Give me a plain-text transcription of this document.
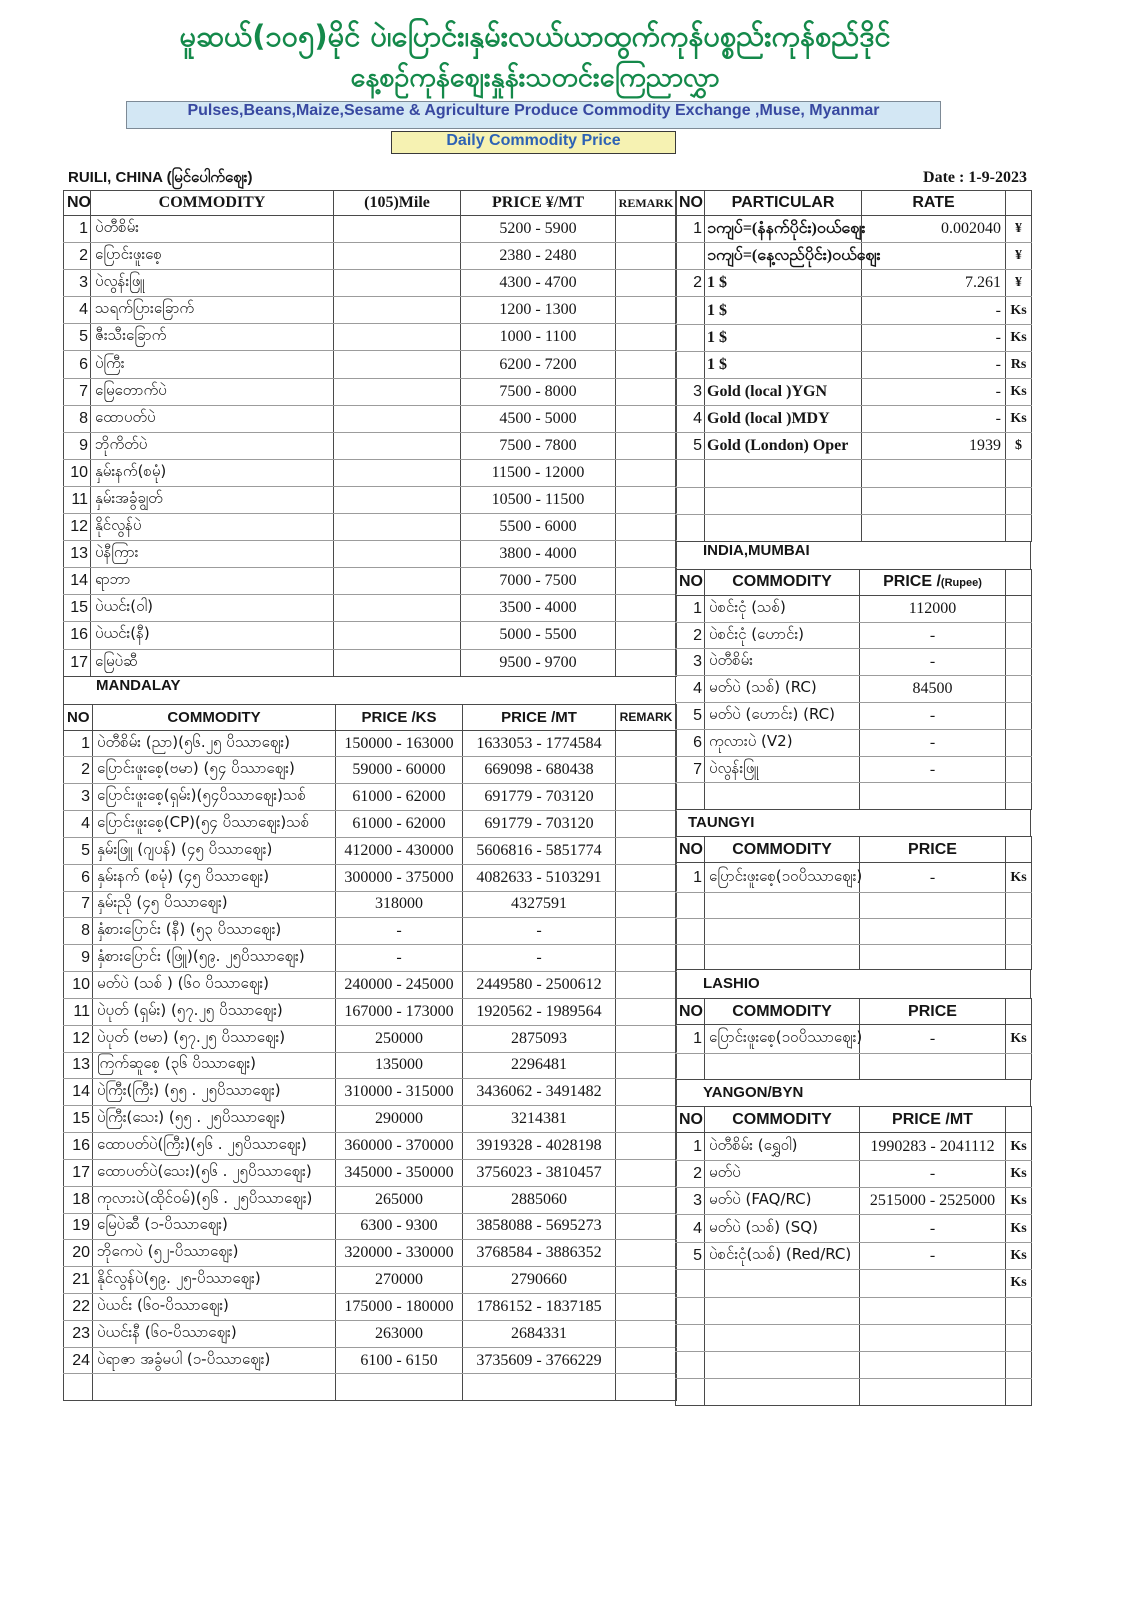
မူဆယ်(၁၀၅)မိုင် ပဲ၊ပြောင်း၊နှမ်းလယ်ယာထွက်ကုန်ပစ္စည်းကုန်စည်ဒိုင်
နေ့စဉ်ကုန်စျေးနှုန်းသတင်းကြေညာလွှာ
Pulses,Beans,Maize,Sesame & Agriculture Produce Commodity Exchange ,Muse, Myanmar
Daily Commodity Price
RUILI, CHINA (မြင်ပေါက်ဈေး)	Date : 1-9-2023
NO	COMMODITY	(105)Mile	PRICE ¥/MT	REMARK
1	ပဲတီစိမ်း		5200 - 5900	
2	ပြောင်းဖူးစေ့		2380 - 2480	
3	ပဲလွန်းဖြူ		4300 - 4700	
4	သရက်ပြားခြောက်		1200 - 1300	
5	ဇီးသီးခြောက်		1000 - 1100	
6	ပဲကြီး		6200 - 7200	
7	မြေတောက်ပဲ		7500 - 8000	
8	ထောပတ်ပဲ		4500 - 5000	
9	ဘိုကိတ်ပဲ		7500 - 7800	
10	နှမ်းနက်(စမုံ)		11500 - 12000	
11	နှမ်းအခွံချွတ်		10500 - 11500	
12	နိုင်လွန်ပဲ		5500 - 6000	
13	ပဲနီကြား		3800 - 4000	
14	ရာဘာ		7000 - 7500	
15	ပဲယင်း(ဝါ)		3500 - 4000	
16	ပဲယင်း(နီ)		5000 - 5500	
17	မြေပဲဆီ		9500 - 9700	
MANDALAY
NO	COMMODITY	PRICE /KS	PRICE /MT	REMARK
1	ပဲတီစိမ်း (ညာ)(၅၆.၂၅ ပိဿာဈေး)	150000 - 163000	1633053 - 1774584	
2	ပြောင်းဖူးစေ့(ဗမာ) (၅၄ ပိဿာဈေး)	59000 - 60000	669098 - 680438	
3	ပြောင်းဖူးစေ့(ရှမ်း)(၅၄ပိဿာဈေး)သစ်	61000 - 62000	691779 - 703120	
4	ပြောင်းဖူးစေ့(CP)(၅၄ ပိဿာဈေး)သစ်	61000 - 62000	691779 - 703120	
5	နှမ်းဖြူ (ဂျပန်) (၄၅ ပိဿာဈေး)	412000 - 430000	5606816 - 5851774	
6	နှမ်းနက် (စမုံ) (၄၅ ပိဿာဈေး)	300000 - 375000	4082633 - 5103291	
7	နှမ်းညို (၄၅ ပိဿာဈေး)	318000	4327591	
8	နှံစားပြောင်း (နီ) (၅၃ ပိဿာဈေး)	-	-	
9	နှံစားပြောင်း (ဖြူ)(၅၉. ၂၅ပိဿာဈေး)	-	-	
10	မတ်ပဲ (သစ် ) (၆၀ ပိဿာဈေး)	240000 - 245000	2449580 - 2500612	
11	ပဲပုတ် (ရှမ်း) (၅၇.၂၅ ပိဿာဈေး)	167000 - 173000	1920562 - 1989564	
12	ပဲပုတ် (ဗမာ) (၅၇.၂၅ ပိဿာဈေး)	250000	2875093	
13	ကြက်ဆူစေ့ (၃၆ ပိဿာဈေး)	135000	2296481	
14	ပဲကြီး(ကြီး) (၅၅ . ၂၅ပိဿာဈေး)	310000 - 315000	3436062 - 3491482	
15	ပဲကြီး(သေး) (၅၅ . ၂၅ပိဿာဈေး)	290000	3214381	
16	ထောပတ်ပဲ(ကြီး)(၅၆ . ၂၅ပိဿာဈေး)	360000 - 370000	3919328 - 4028198	
17	ထောပတ်ပဲ(သေး)(၅၆ . ၂၅ပိဿာဈေး)	345000 - 350000	3756023 - 3810457	
18	ကုလားပဲ(ထိုင်ဝမ်)(၅၆ . ၂၅ပိဿာဈေး)	265000	2885060	
19	မြေပဲဆီ (၁-ပိဿာဈေး)	6300 - 9300	3858088 - 5695273	
20	ဘိုကေပဲ (၅၂-ပိဿာဈေး)	320000 - 330000	3768584 - 3886352	
21	နိုင်လွန်ပဲ(၅၉. ၂၅-ပိဿာဈေး)	270000	2790660	
22	ပဲယင်း (၆၀-ပိဿာဈေး)	175000 - 180000	1786152 - 1837185	
23	ပဲယင်းနီ (၆၀-ပိဿာဈေး)	263000	2684331	
24	ပဲရာဇာ အခွံမပါ (၁-ပိဿာဈေး)	6100 - 6150	3735609 - 3766229	

NO	PARTICULAR	RATE	
1	၁ကျပ်=(နံနက်ပိုင်း)ဝယ်ဈေး	0.002040	¥
	၁ကျပ်=(နေ့လည်ပိုင်း)ဝယ်ဈေး		¥
2	1 $	7.261	¥
	1 $	-	Ks
	1 $	-	Ks
	1 $	-	Rs
3	Gold (local )YGN	-	Ks
4	Gold (local )MDY	-	Ks
5	Gold (London) Oper	1939	$

INDIA,MUMBAI
NO	COMMODITY	PRICE /(Rupee)	
1	ပဲစင်းငုံ (သစ်)	112000	
2	ပဲစင်းငုံ (ဟောင်း)	-	
3	ပဲတီစိမ်း	-	
4	မတ်ပဲ (သစ်) (RC)	84500	
5	မတ်ပဲ (ဟောင်း) (RC)	-	
6	ကုလားပဲ (V2)	-	
7	ပဲလွန်းဖြူ	-	

TAUNGYI
NO	COMMODITY	PRICE	
1	ပြောင်းဖူးစေ့(၁၀ပိဿာဈေး)	-	Ks

LASHIO
NO	COMMODITY	PRICE	
1	ပြောင်းဖူးစေ့(၁၀ပိဿာဈေး)	-	Ks

YANGON/BYN
NO	COMMODITY	PRICE /MT	
1	ပဲတီစိမ်း (ရွှေဝါ)	1990283 - 2041112	Ks
2	မတ်ပဲ	-	Ks
3	မတ်ပဲ (FAQ/RC)	2515000 - 2525000	Ks
4	မတ်ပဲ (သစ်) (SQ)	-	Ks
5	ပဲစင်းငုံ(သစ်) (Red/RC)	-	Ks
			Ks
